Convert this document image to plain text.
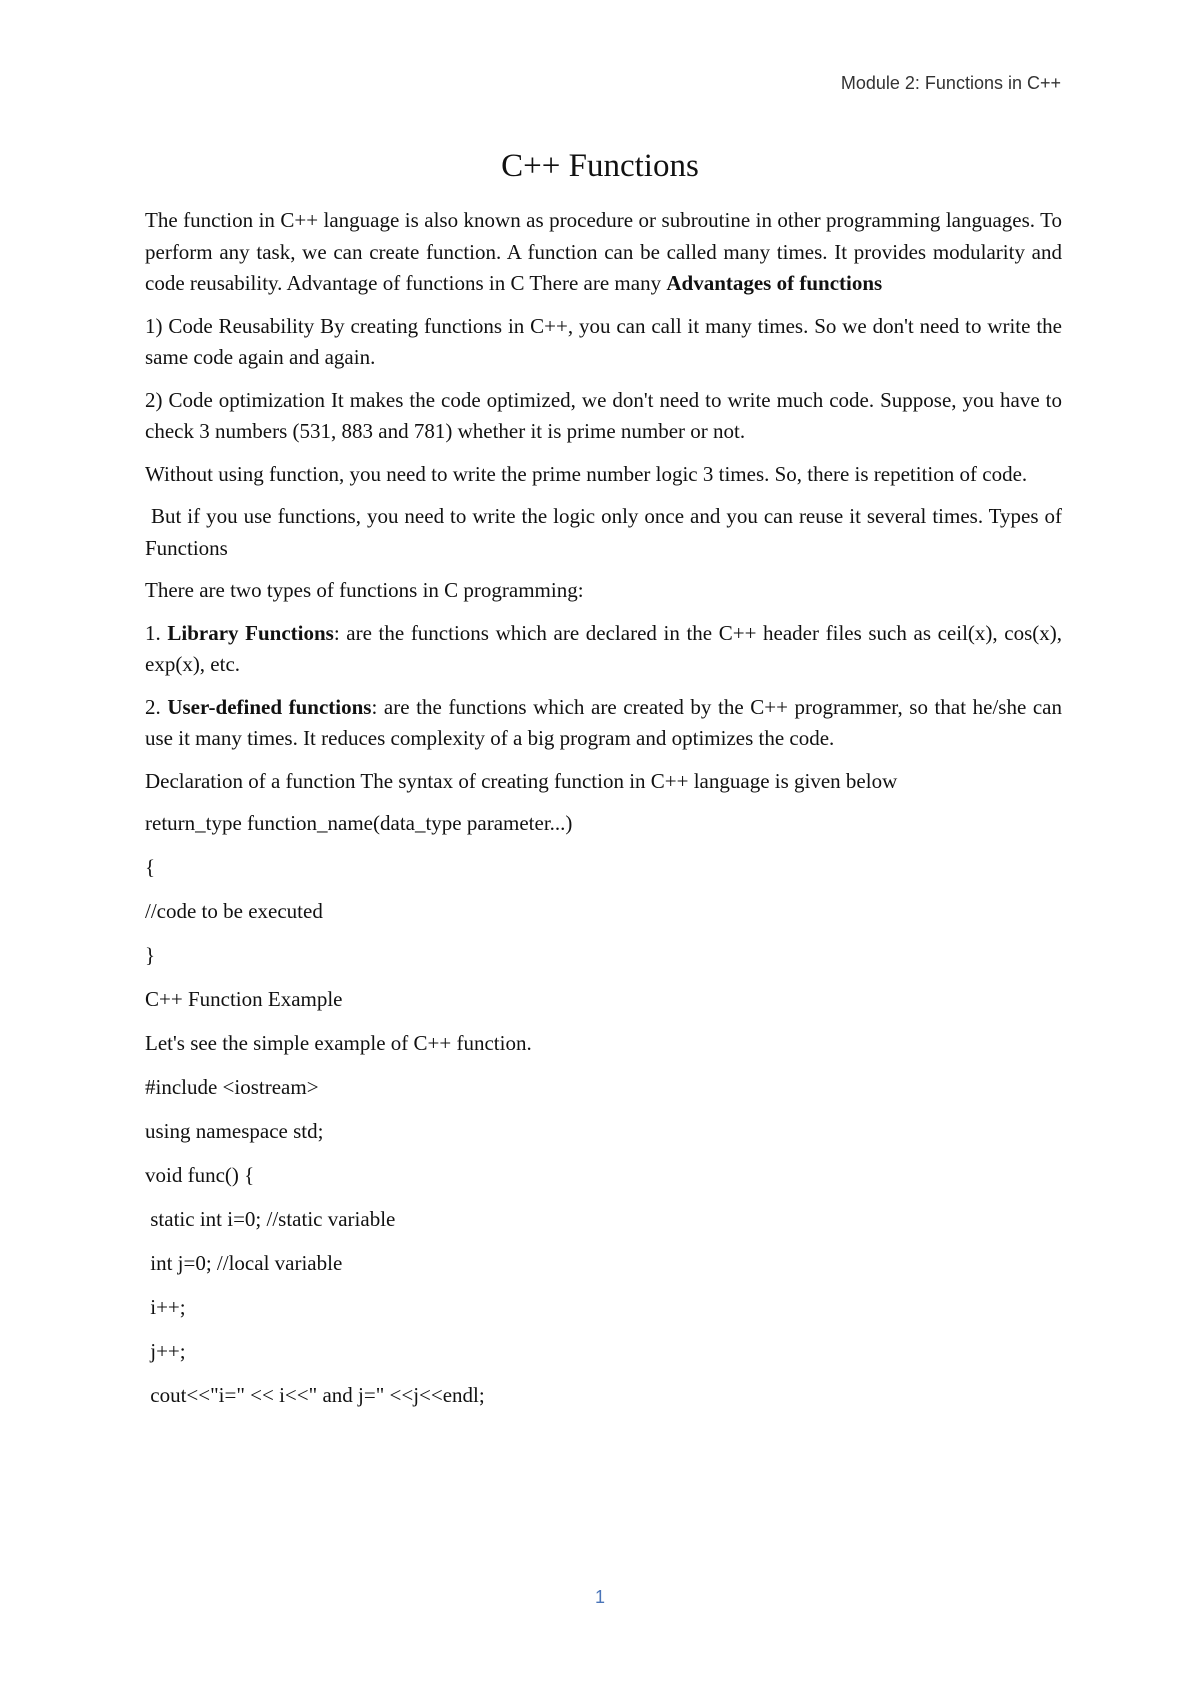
Module 2: Functions in C++
C++ Functions

The function in C++ language is also known as procedure or subroutine in other programming languages. To perform any task, we can create function. A function can be called many times. It provides modularity and code reusability. Advantage of functions in C There are many Advantages of functions

1) Code Reusability By creating functions in C++, you can call it many times. So we don't need to write the same code again and again.

2) Code optimization It makes the code optimized, we don't need to write much code. Suppose, you have to check 3 numbers (531, 883 and 781) whether it is prime number or not.

Without using function, you need to write the prime number logic 3 times. So, there is repetition of code.

But if you use functions, you need to write the logic only once and you can reuse it several times. Types of Functions

There are two types of functions in C programming:

1. Library Functions: are the functions which are declared in the C++ header files such as ceil(x), cos(x), exp(x), etc.

2. User-defined functions: are the functions which are created by the C++ programmer, so that he/she can use it many times. It reduces complexity of a big program and optimizes the code.

Declaration of a function The syntax of creating function in C++ language is given below

return_type function_name(data_type parameter...)

{

//code to be executed

}

C++ Function Example

Let's see the simple example of C++ function.

#include <iostream>

using namespace std;

void func() {

static int i=0; //static variable

int j=0; //local variable

i++;

j++;

cout<<"i=" << i<<" and j=" <<j<<endl;

1
